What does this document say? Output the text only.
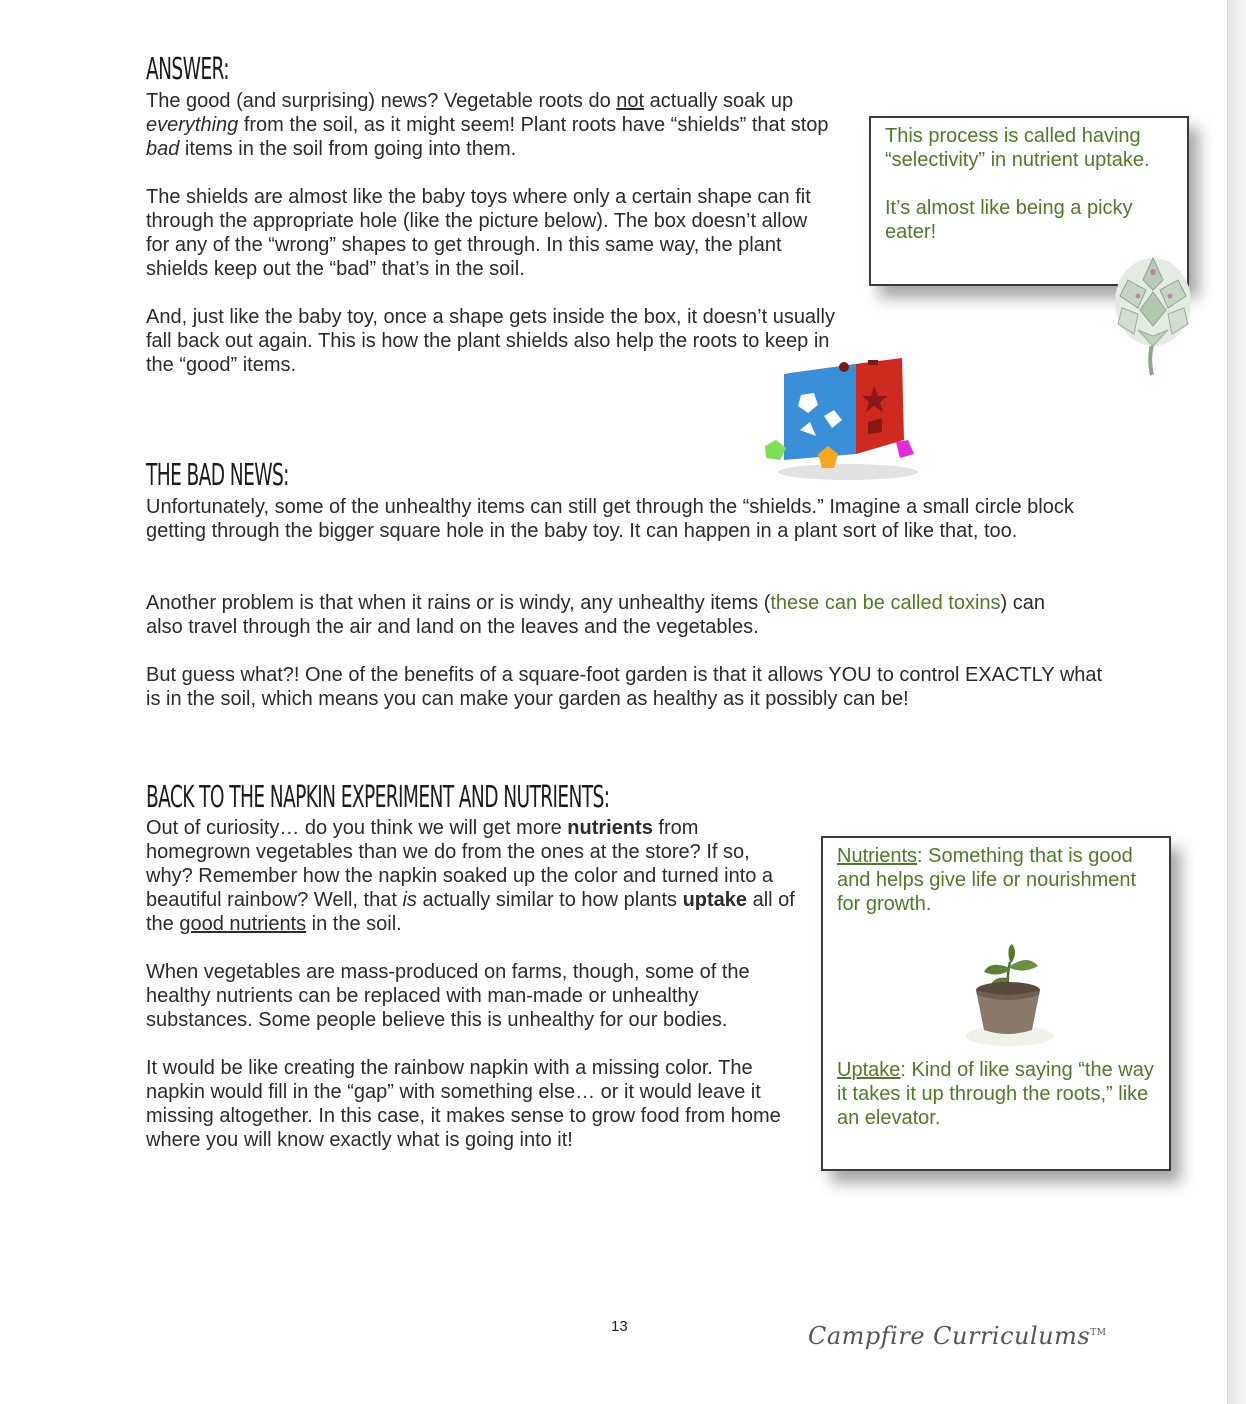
ANSWER:

The good (and surprising) news? Vegetable roots do not actually soak up everything from the soil, as it might seem! Plant roots have “shields” that stop bad items in the soil from going into them.

The shields are almost like the baby toys where only a certain shape can fit through the appropriate hole (like the picture below). The box doesn’t allow for any of the “wrong” shapes to get through. In this same way, the plant shields keep out the “bad” that’s in the soil.

And, just like the baby toy, once a shape gets inside the box, it doesn’t usually fall back out again. This is how the plant shields also help the roots to keep in the “good” items.

This process is called having “selectivity” in nutrient uptake.

It’s almost like being a picky eater!

THE BAD NEWS:

Unfortunately, some of the unhealthy items can still get through the “shields.” Imagine a small circle block getting through the bigger square hole in the baby toy. It can happen in a plant sort of like that, too.

Another problem is that when it rains or is windy, any unhealthy items (these can be called toxins) can also travel through the air and land on the leaves and the vegetables.

But guess what?! One of the benefits of a square-foot garden is that it allows YOU to control EXACTLY what is in the soil, which means you can make your garden as healthy as it possibly can be!

BACK TO THE NAPKIN EXPERIMENT AND NUTRIENTS:

Out of curiosity… do you think we will get more nutrients from homegrown vegetables than we do from the ones at the store? If so, why? Remember how the napkin soaked up the color and turned into a beautiful rainbow? Well, that is actually similar to how plants uptake all of the good nutrients in the soil.

When vegetables are mass-produced on farms, though, some of the healthy nutrients can be replaced with man-made or unhealthy substances. Some people believe this is unhealthy for our bodies.

It would be like creating the rainbow napkin with a missing color. The napkin would fill in the “gap” with something else… or it would leave it missing altogether. In this case, it makes sense to grow food from home where you will know exactly what is going into it!

Nutrients: Something that is good and helps give life or nourishment for growth.

Uptake: Kind of like saying “the way it takes it up through the roots,” like an elevator.

13	Campfire Curriculums™
